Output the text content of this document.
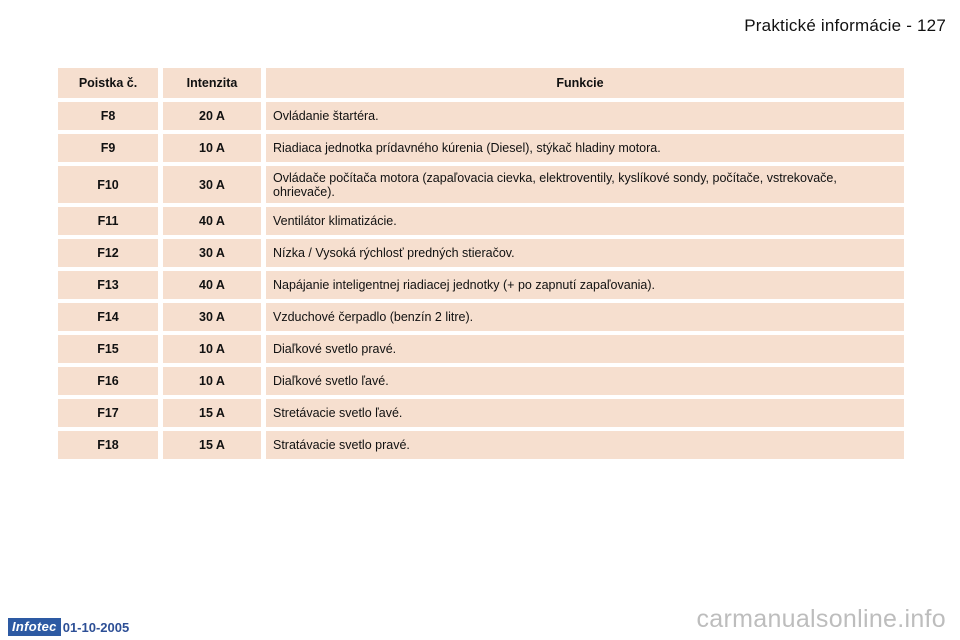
Praktické informácie - 127
Poistka č.	Intenzita	Funkcie
F8	20 A	Ovládanie štartéra.
F9	10 A	Riadiaca jednotka prídavného kúrenia (Diesel), stýkač hladiny motora.
F10	30 A	Ovládače počítača motora (zapaľovacia cievka, elektroventily, kyslíkové sondy, počítače, vstrekovače, ohrievače).
F11	40 A	Ventilátor klimatizácie.
F12	30 A	Nízka / Vysoká rýchlosť predných stieračov.
F13	40 A	Napájanie inteligentnej riadiacej jednotky (+ po zapnutí zapaľovania).
F14	30 A	Vzduchové čerpadlo (benzín 2 litre).
F15	10 A	Diaľkové svetlo pravé.
F16	10 A	Diaľkové svetlo ľavé.
F17	15 A	Stretávacie svetlo ľavé.
F18	15 A	Stratávacie svetlo pravé.
Infotec 01-10-2005	carmanualsonline.info
